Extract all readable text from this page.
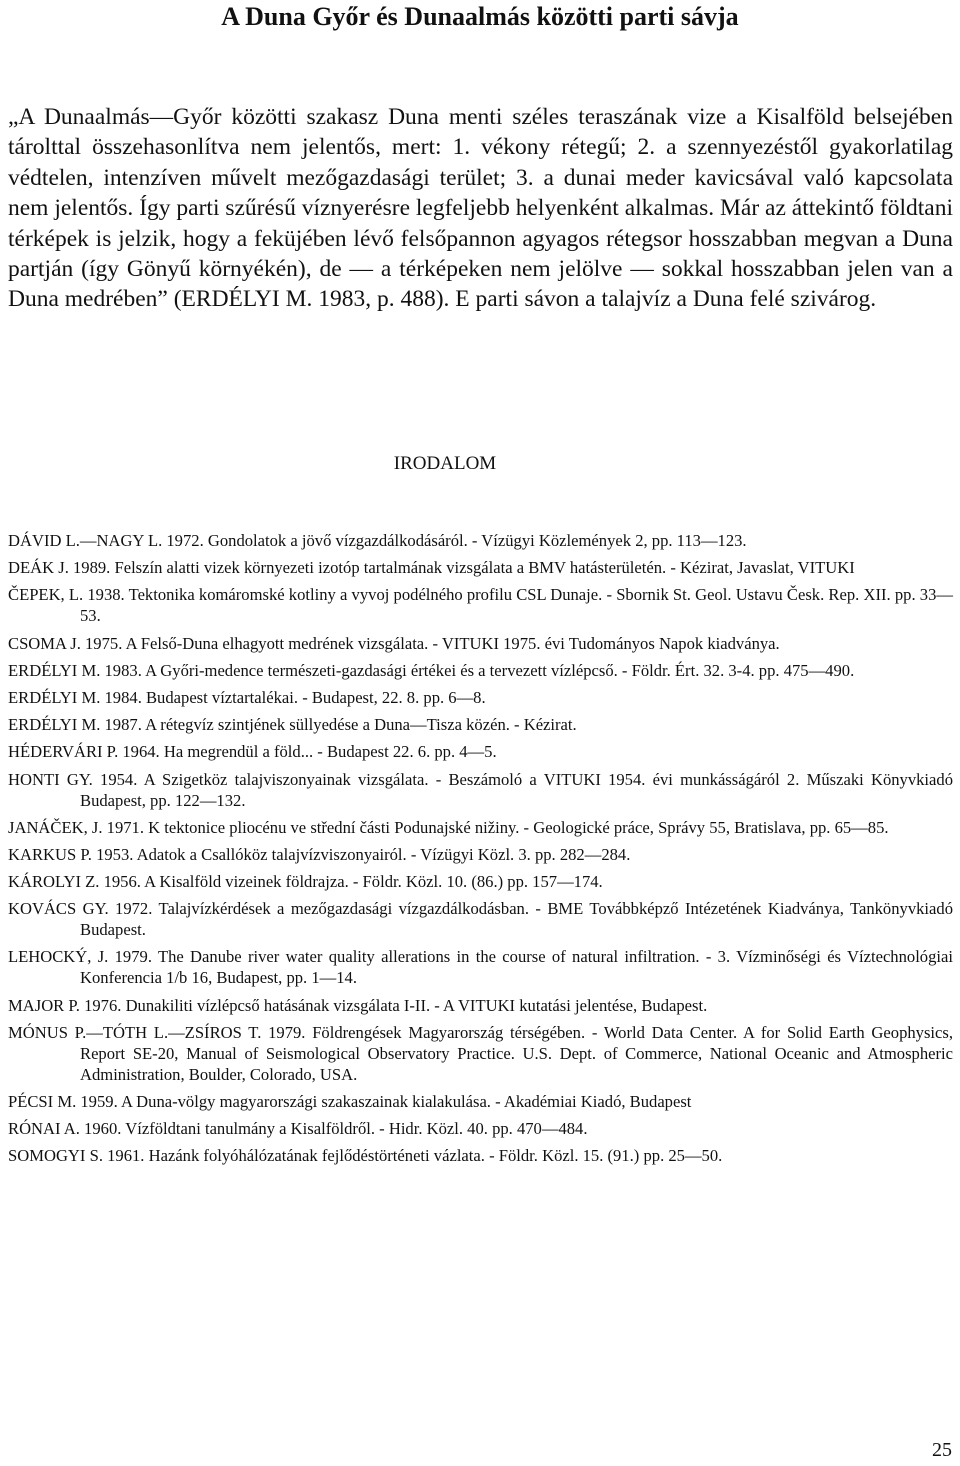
A Duna Győr és Dunaalmás közötti parti sávja

„A Dunaalmás—Győr közötti szakasz Duna menti széles teraszának vize a Kisalföld belsejében tárolttal összehasonlítva nem jelentős, mert: 1. vékony rétegű; 2. a szennyezéstől gyakorlatilag védtelen, intenzíven művelt mezőgazdasági terület; 3. a dunai meder kavicsával való kapcsolata nem jelentős. Így parti szűrésű víznyerésre legfeljebb helyenként alkalmas. Már az áttekintő földtani térképek is jelzik, hogy a feküjében lévő felsőpannon agyagos rétegsor hosszabban megvan a Duna partján (így Gönyű környékén), de — a térképeken nem jelölve — sokkal hosszabban jelen van a Duna medrében” (ERDÉLYI M. 1983, p. 488). E parti sávon a talajvíz a Duna felé szivárog.

IRODALOM
DÁVID L.—NAGY L. 1972. Gondolatok a jövő vízgazdálkodásáról. - Vízügyi Közlemények 2, pp. 113—123.
DEÁK J. 1989. Felszín alatti vizek környezeti izotóp tartalmának vizsgálata a BMV hatásterületén. - Kézirat, Javaslat, VITUKI
ČEPEK, L. 1938. Tektonika komáromské kotliny a vyvoj podélného profilu CSL Dunaje. - Sbornik St. Geol. Ustavu Česk. Rep. XII. pp. 33—53.
CSOMA J. 1975. A Felső-Duna elhagyott medrének vizsgálata. - VITUKI 1975. évi Tudományos Napok kiadványa.
ERDÉLYI M. 1983. A Győri-medence természeti-gazdasági értékei és a tervezett vízlépcső. - Földr. Ért. 32. 3-4. pp. 475—490.
ERDÉLYI M. 1984. Budapest víztartalékai. - Budapest, 22. 8. pp. 6—8.
ERDÉLYI M. 1987. A rétegvíz szintjének süllyedése a Duna—Tisza közén. - Kézirat.
HÉDERVÁRI P. 1964. Ha megrendül a föld... - Budapest 22. 6. pp. 4—5.
HONTI GY. 1954. A Szigetköz talajviszonyainak vizsgálata. - Beszámoló a VITUKI 1954. évi munkásságáról 2. Műszaki Könyvkiadó Budapest, pp. 122—132.
JANÁČEK, J. 1971. K tektonice pliocénu ve střední části Podunajské nižiny. - Geologické práce, Správy 55, Bratislava, pp. 65—85.
KARKUS P. 1953. Adatok a Csallóköz talajvízviszonyairól. - Vízügyi Közl. 3. pp. 282—284.
KÁROLYI Z. 1956. A Kisalföld vizeinek földrajza. - Földr. Közl. 10. (86.) pp. 157—174.
KOVÁCS GY. 1972. Talajvízkérdések a mezőgazdasági vízgazdálkodásban. - BME Továbbképző Intézetének Kiadványa, Tankönyvkiadó Budapest.
LEHOCKÝ, J. 1979. The Danube river water quality allerations in the course of natural infiltration. - 3. Vízminőségi és Víztechnológiai Konferencia 1/b 16, Budapest, pp. 1—14.
MAJOR P. 1976. Dunakiliti vízlépcső hatásának vizsgálata I-II. - A VITUKI kutatási jelentése, Budapest.
MÓNUS P.—TÓTH L.—ZSÍROS T. 1979. Földrengések Magyarország térségében. - World Data Center. A for Solid Earth Geophysics, Report SE-20, Manual of Seismological Observatory Practice. U.S. Dept. of Commerce, National Oceanic and Atmospheric Administration, Boulder, Colorado, USA.
PÉCSI M. 1959. A Duna-völgy magyarországi szakaszainak kialakulása. - Akadémiai Kiadó, Budapest
RÓNAI A. 1960. Vízföldtani tanulmány a Kisalföldről. - Hidr. Közl. 40. pp. 470—484.
SOMOGYI S. 1961. Hazánk folyóhálózatának fejlődéstörténeti vázlata. - Földr. Közl. 15. (91.) pp. 25—50.
25
